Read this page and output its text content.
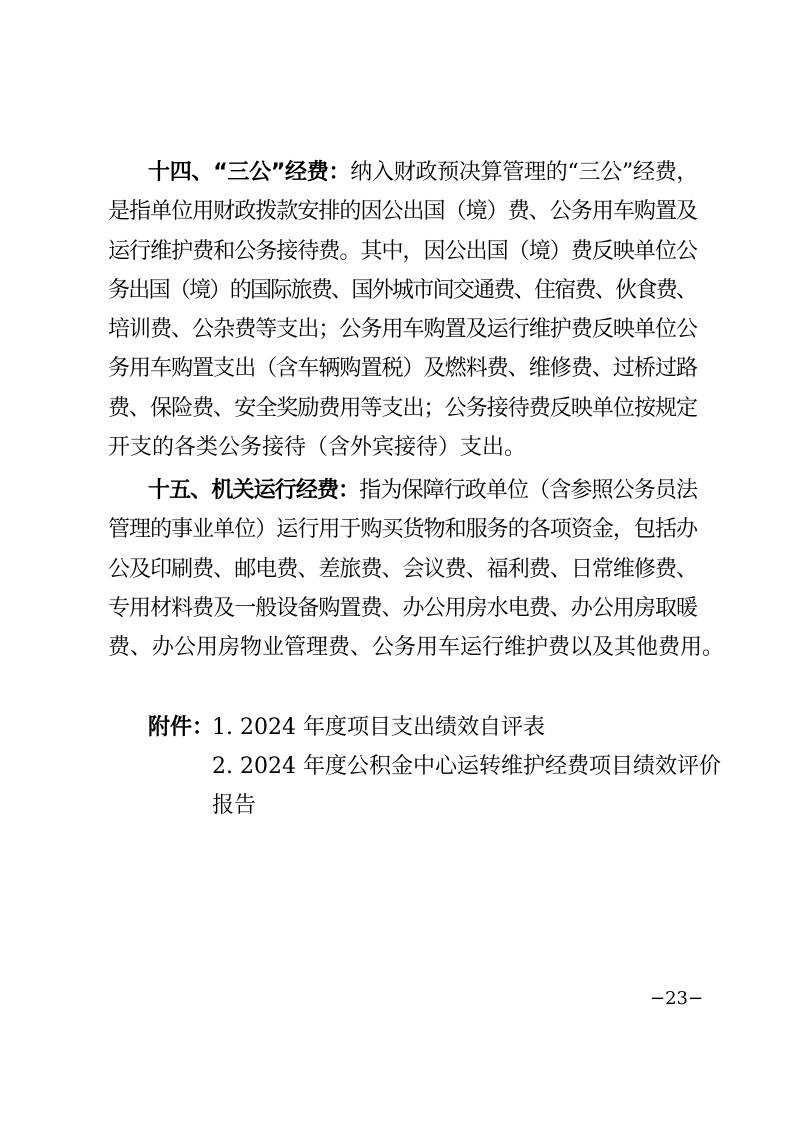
十四、“三公”经费：纳入财政预决算管理的“三公”经费，
是指单位用财政拨款安排的因公出国（境）费、公务用车购置及
运行维护费和公务接待费。其中，因公出国（境）费反映单位公
务出国（境）的国际旅费、国外城市间交通费、住宿费、伙食费、
培训费、公杂费等支出；公务用车购置及运行维护费反映单位公
务用车购置支出（含车辆购置税）及燃料费、维修费、过桥过路
费、保险费、安全奖励费用等支出；公务接待费反映单位按规定
开支的各类公务接待（含外宾接待）支出。
十五、机关运行经费：指为保障行政单位（含参照公务员法
管理的事业单位）运行用于购买货物和服务的各项资金，包括办
公及印刷费、邮电费、差旅费、会议费、福利费、日常维修费、
专用材料费及一般设备购置费、办公用房水电费、办公用房取暖
费、办公用房物业管理费、公务用车运行维护费以及其他费用。
附件：
1. 2024 年度项目支出绩效自评表
2. 2024 年度公积金中心运转维护经费项目绩效评价
报告
−23−
